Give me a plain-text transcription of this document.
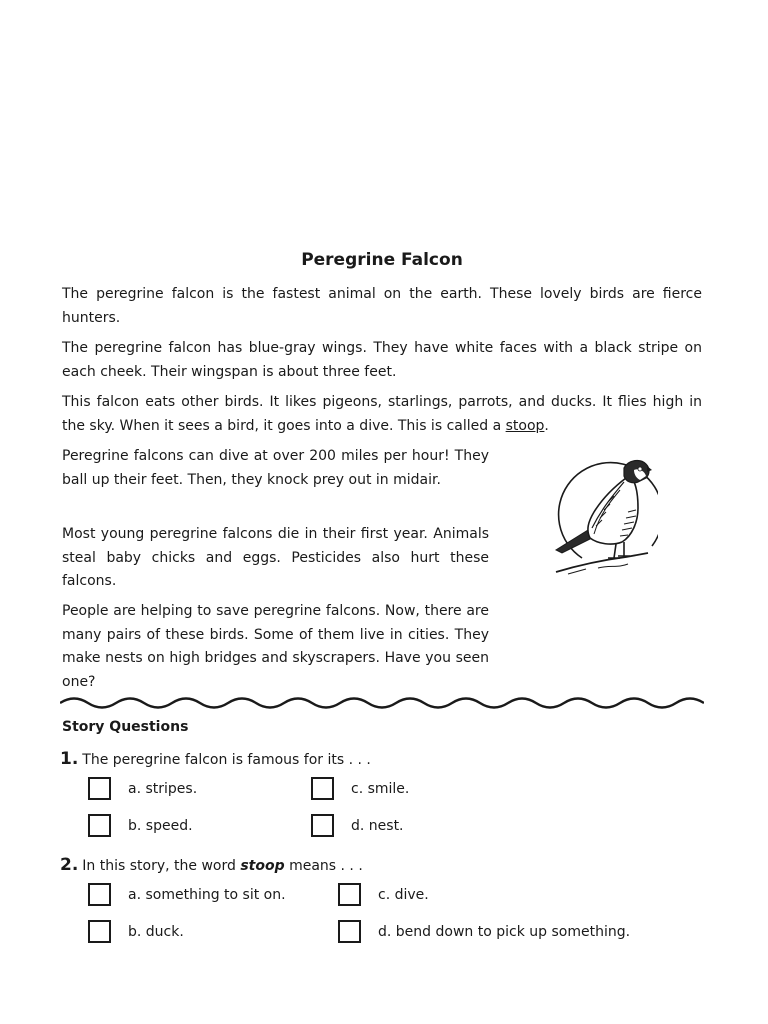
Peregrine Falcon

The peregrine falcon is the fastest animal on the earth. These lovely birds are fierce hunters.

The peregrine falcon has blue-gray wings. They have white faces with a black stripe on each cheek. Their wingspan is about three feet.

This falcon eats other birds. It likes pigeons, starlings, parrots, and ducks. It flies high in the sky. When it sees a bird, it goes into a dive. This is called a stoop.

Peregrine falcons can dive at over 200 miles per hour! They ball up their feet. Then, they knock prey out in midair.

Most young peregrine falcons die in their first year. Animals steal baby chicks and eggs. Pesticides also hurt these falcons.

People are helping to save peregrine falcons. Now, there are many pairs of these birds. Some of them live in cities. They make nests on high bridges and skyscrapers. Have you seen one?

Story Questions
1. The peregrine falcon is famous for its . . .
a. stripes.	c. smile.
b. speed.	d. nest.
2. In this story, the word stoop means . . .
a. something to sit on.	c. dive.
b. duck.	d. bend down to pick up something.
